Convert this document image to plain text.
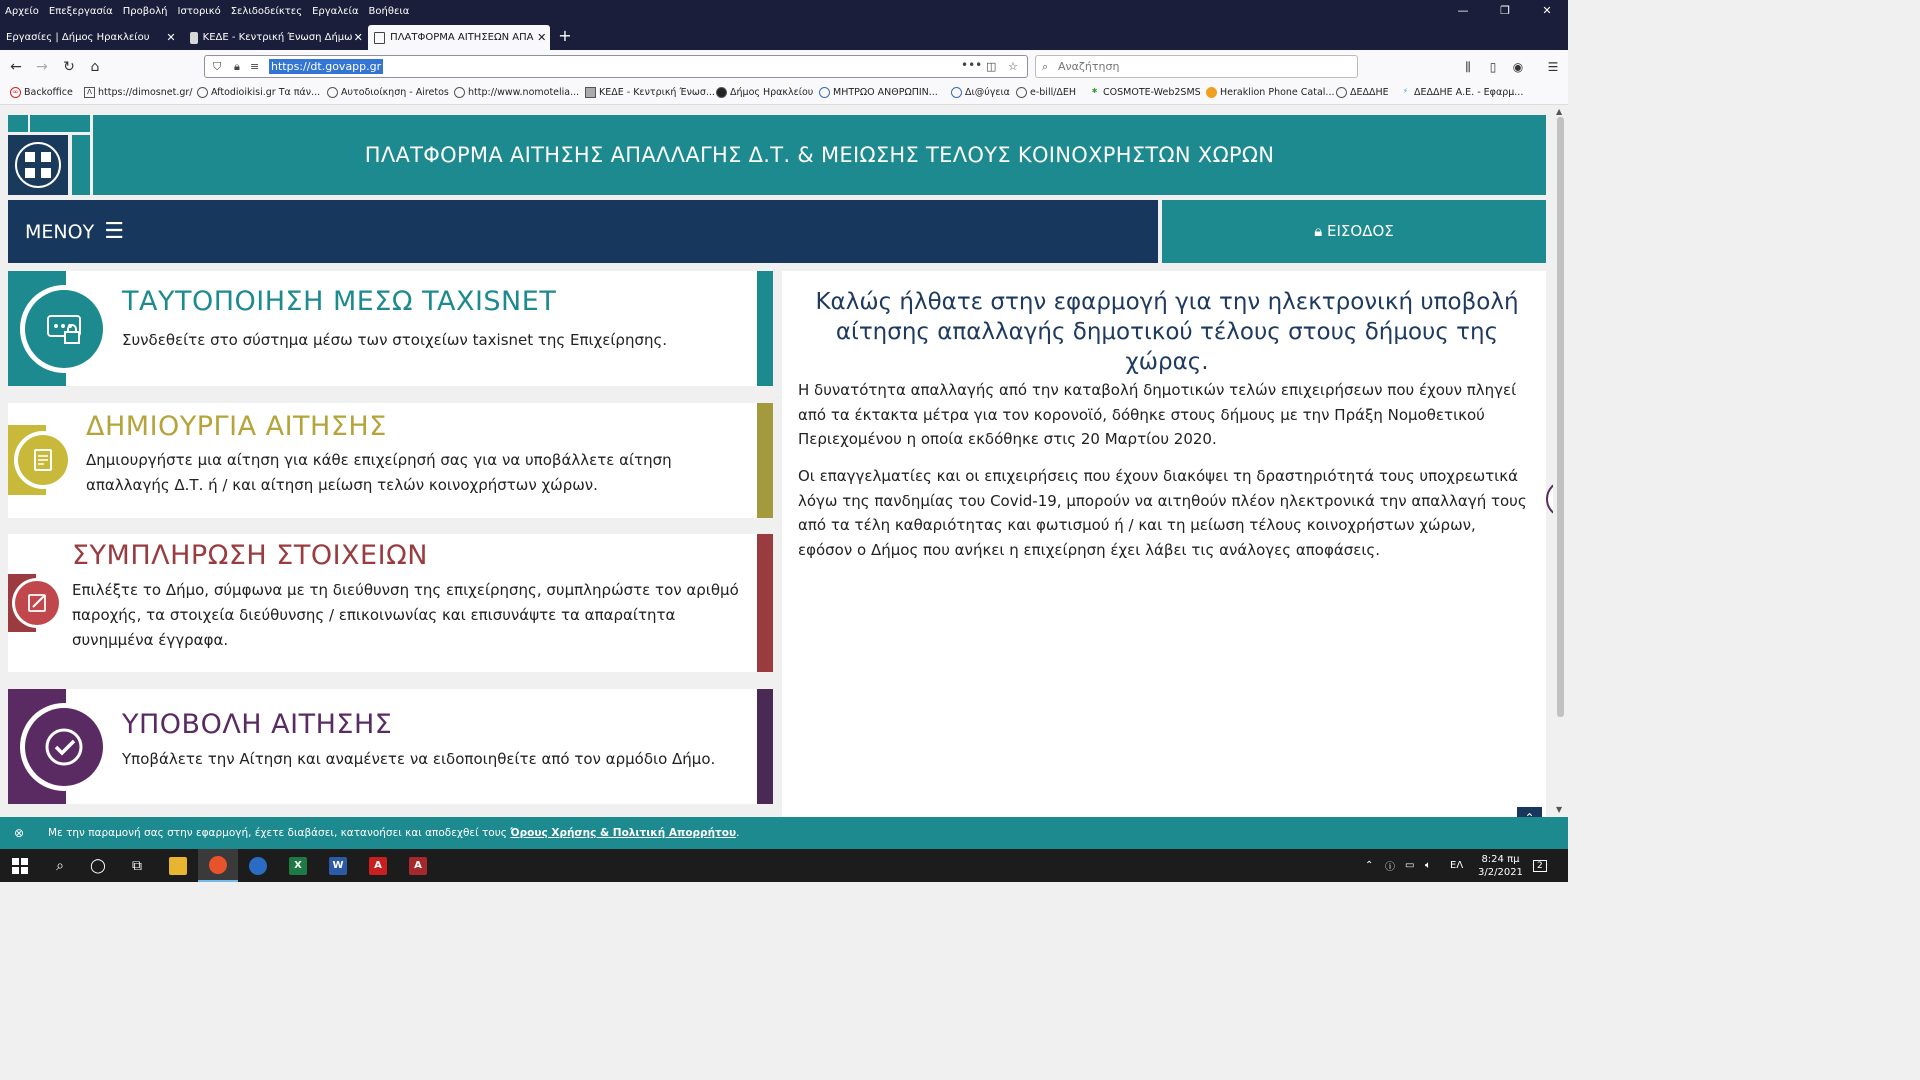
Αρχείο	Επεξεργασία	Προβολή	Ιστορικό	Σελιδοδείκτες	Εργαλεία	Βοήθεια	—	❐	✕
Εργασίες | Δήμος Ηρακλείου	✕	ΚΕΔΕ - Κεντρική Ένωση Δήμω ✕	ΠΛΑΤΦΟΡΜΑ ΑΙΤΗΣΕΩΝ ΑΠΑ ✕ +
← → ↻	⌂	⛉ 🔒︎ ≡ https://dt.govapp.gr	••• ◫ ☆ ⌕ Αναζήτηση	⫼	▯	◉	☰
∞ Backoffice	Λ https://dimosnet.gr/ Aftodioikisi.gr Τα πάν... Αυτοδιοίκηση - Airetos http://www.nomotelia... ΚΕΔΕ - Κεντρική Ένωσ... Δήμος Ηρακλείου ΜΗΤΡΩΟ ΑΝΘΡΩΠΙΝ...	Δι@ύγεια e-bill/ΔΕΗ	✱ COSMOTE-Web2SMS Heraklion Phone Catal... ΔΕΔΔΗΕ	⚡ ΔΕΔΔΗΕ Α.Ε. - Εφαρμ...
ΠΛΑΤΦΟΡΜΑ ΑΙΤΗΣΗΣ ΑΠΑΛΛΑΓΗΣ Δ.Τ. & ΜΕΙΩΣΗΣ ΤΕΛΟΥΣ ΚΟΙΝΟΧΡΗΣΤΩΝ ΧΩΡΩΝ
ΜΕΝΟΥ ☰	🔒︎ ΕΙΣΟΔΟΣ
ΤΑΥΤΟΠΟΙΗΣΗ ΜΕΣΩ TAXISNET
Συνδεθείτε στο σύστημα μέσω των στοιχείων taxisnet της Επιχείρησης.
ΔΗΜΙΟΥΡΓΙΑ ΑΙΤΗΣΗΣ
Δημιουργήστε μια αίτηση για κάθε επιχείρησή σας για να υποβάλλετε αίτηση απαλλαγής Δ.Τ. ή / και αίτηση μείωση τελών κοινοχρήστων χώρων.
ΣΥΜΠΛΗΡΩΣΗ ΣΤΟΙΧΕΙΩΝ
Επιλέξτε το Δήμο, σύμφωνα με τη διεύθυνση της επιχείρησης, συμπληρώστε τον αριθμό παροχής, τα στοιχεία διεύθυνσης / επικοινωνίας και επισυνάψτε τα απαραίτητα συνημμένα έγγραφα.
ΥΠΟΒΟΛΗ ΑΙΤΗΣΗΣ
Υποβάλετε την Αίτηση και αναμένετε να ειδοποιηθείτε από τον αρμόδιο Δήμο.
Καλώς ήλθατε στην εφαρμογή για την ηλεκτρονική υποβολή αίτησης απαλλαγής δημοτικού τέλους στους δήμους της χώρας.
Η δυνατότητα απαλλαγής από την καταβολή δημοτικών τελών επιχειρήσεων που έχουν πληγεί από τα έκτακτα μέτρα για τον κορονοϊό, δόθηκε στους δήμους με την Πράξη Νομοθετικού Περιεχομένου η οποία εκδόθηκε στις 20 Μαρτίου 2020.
Οι επαγγελματίες και οι επιχειρήσεις που έχουν διακόψει τη δραστηριότητά τους υποχρεωτικά λόγω της πανδημίας του Covid-19, μπορούν να αιτηθούν πλέον ηλεκτρονικά την απαλλαγή τους από τα τέλη καθαριότητας και φωτισμού ή / και τη μείωση τέλους κοινοχρήστων χώρων, εφόσον ο Δήμος που ανήκει η επιχείρηση έχει λάβει τις ανάλογες αποφάσεις.
▲
▼
⊗ Με την παραμονή σας στην εφαρμογή, έχετε διαβάσει, κατανοήσει και αποδεχθεί τους Όρους Χρήσης & Πολιτική Απορρήτου.
⌕	◯	⧉	X	W	A	A	⌃ ⓘ ▭ 🔈︎ ΕΛ
8:24 πμ
3/2/2021
2
